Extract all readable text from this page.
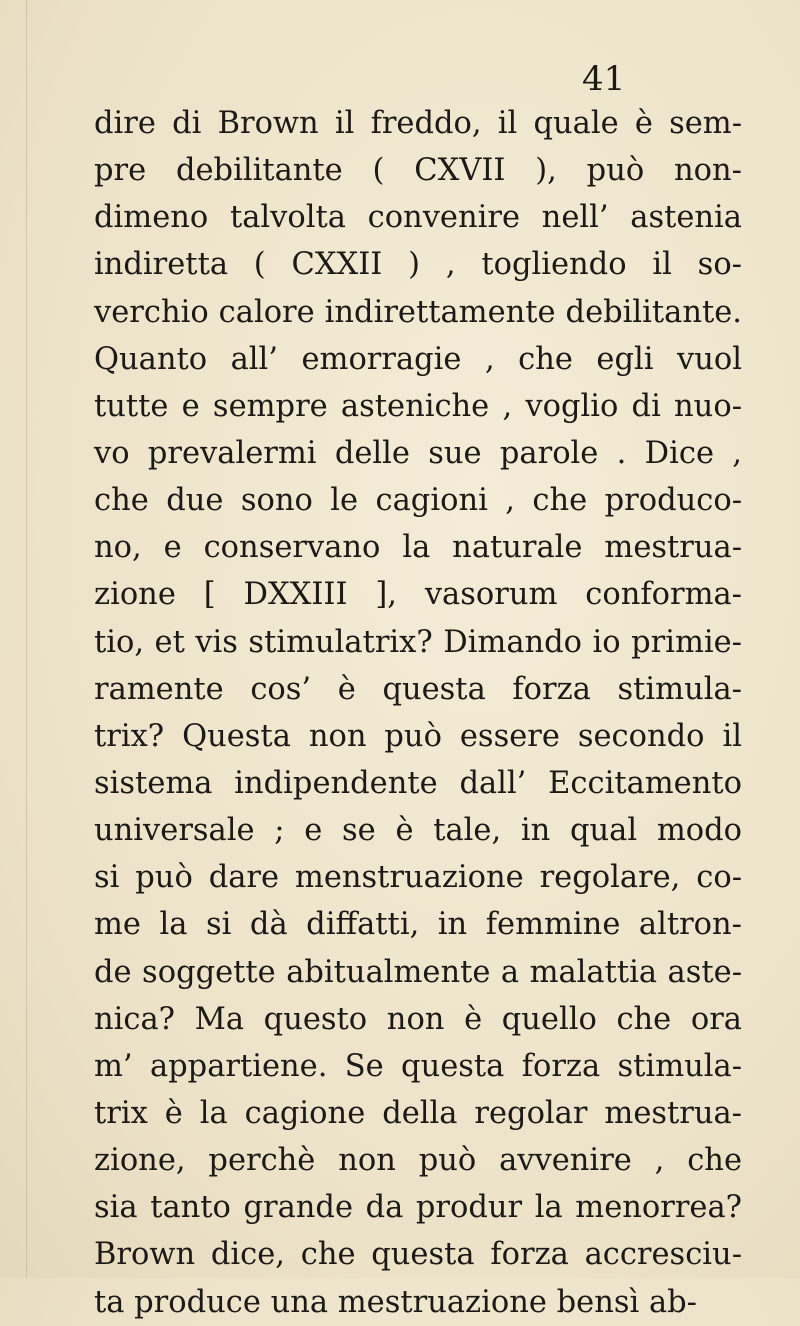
41
dire di Brown il freddo, il quale è sem-
pre debilitante ( CXVII ), può non-
dimeno talvolta convenire nell’ astenia
indiretta ( CXXII ) , togliendo il so-
verchio calore indirettamente debilitante.
Quanto all’ emorragie , che egli vuol
tutte e sempre asteniche , voglio di nuo-
vo prevalermi delle sue parole . Dice ,
che due sono le cagioni , che produco-
no, e conservano la naturale mestrua-
zione [ DXXIII ], vasorum conforma-
tio, et vis stimulatrix? Dimando io primie-
ramente cos’ è questa forza stimula-
trix? Questa non può essere secondo il
sistema indipendente dall’ Eccitamento
universale ; e se è tale, in qual modo
si può dare menstruazione regolare, co-
me la si dà diffatti, in femmine altron-
de soggette abitualmente a malattia aste-
nica? Ma questo non è quello che ora
m’ appartiene. Se questa forza stimula-
trix è la cagione della regolar mestrua-
zione, perchè non può avvenire , che
sia tanto grande da produr la menorrea?
Brown dice, che questa forza accresciu-
ta produce una mestruazione bensì ab-
